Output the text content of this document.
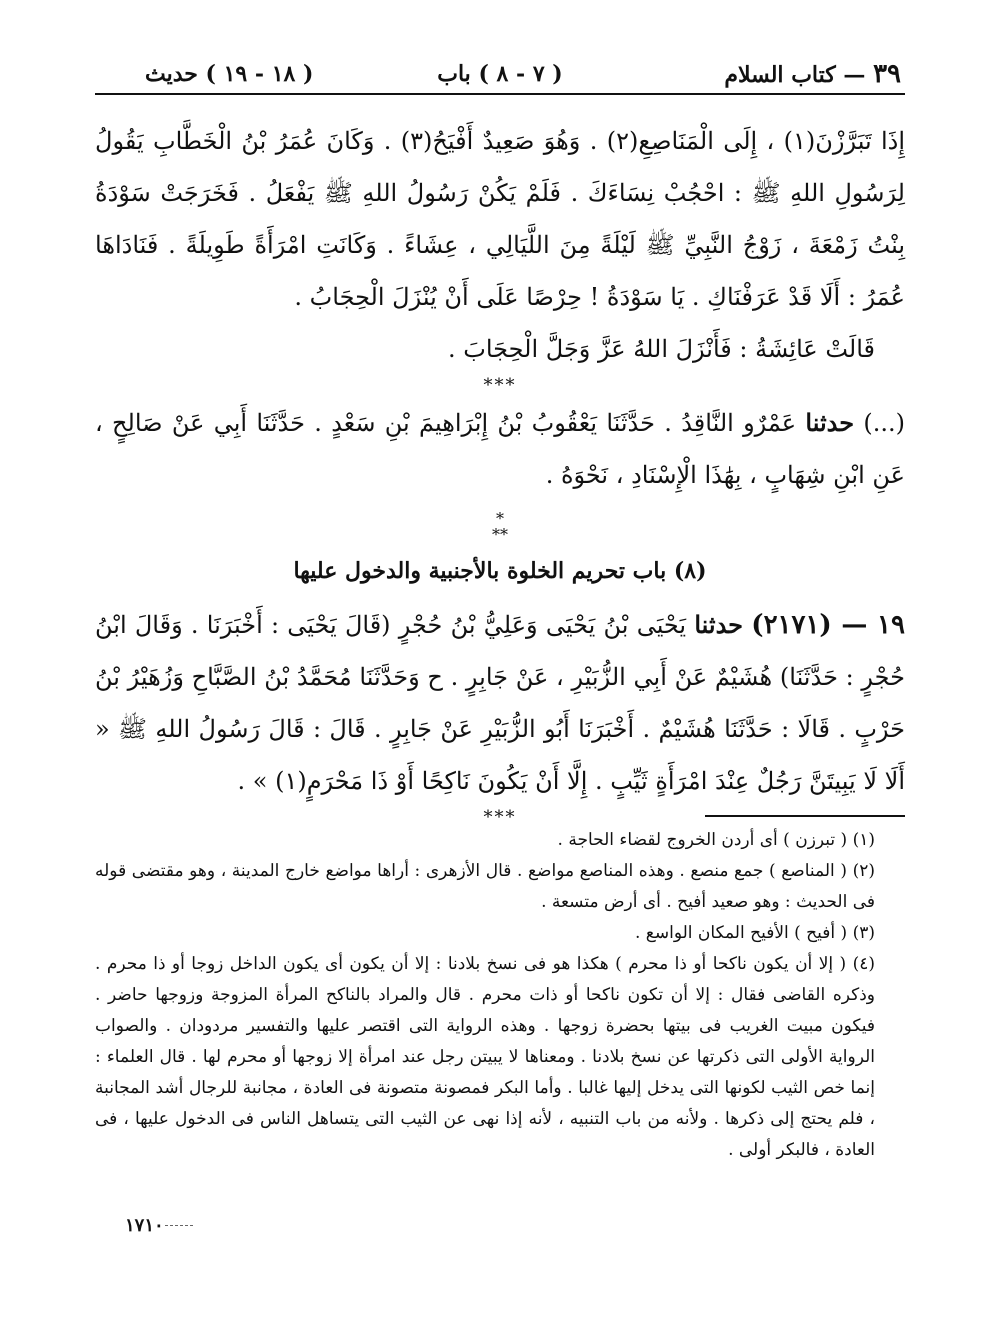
٣٩ — كتاب السلام
( ٧ - ٨ ) باب
( ١٨ - ١٩ ) حديث

إِذَا تَبَرَّزْنَ(١) ، إِلَى الْمَنَاصِعِ(٢) . وَهُوَ صَعِيدٌ أَفْيَحُ(٣) . وَكَانَ عُمَرُ بْنُ الْخَطَّابِ يَقُولُ لِرَسُولِ اللهِ ﷺ : احْجُبْ نِسَاءَكَ . فَلَمْ يَكُنْ رَسُولُ اللهِ ﷺ يَفْعَلُ . فَخَرَجَتْ سَوْدَةُ بِنْتُ زَمْعَةَ ، زَوْجُ النَّبِيِّ ﷺ لَيْلَةً مِنَ اللَّيَالِي ، عِشَاءً . وَكَانَتِ امْرَأَةً طَوِيلَةً . فَنَادَاهَا عُمَرُ : أَلَا قَدْ عَرَفْنَاكِ . يَا سَوْدَةُ ! حِرْصًا عَلَى أَنْ يُنْزَلَ الْحِجَابُ .

قَالَتْ عَائِشَةُ : فَأَنْزَلَ اللهُ عَزَّ وَجَلَّ الْحِجَابَ .

***

(...) حدثنا عَمْرٌو النَّاقِدُ . حَدَّثَنَا يَعْقُوبُ بْنُ إِبْرَاهِيمَ بْنِ سَعْدٍ . حَدَّثَنَا أَبِي عَنْ صَالِحٍ ، عَنِ ابْنِ شِهَابٍ ، بِهَٰذَا الْإِسْنَادِ ، نَحْوَهُ .

*
**
(٨) باب تحريم الخلوة بالأجنبية والدخول عليها

١٩ — (٢١٧١) حدثنا يَحْيَى بْنُ يَحْيَى وَعَلِيُّ بْنُ حُجْرٍ (قَالَ يَحْيَى : أَخْبَرَنَا . وَقَالَ ابْنُ حُجْرٍ : حَدَّثَنَا) هُشَيْمٌ عَنْ أَبِي الزُّبَيْرِ ، عَنْ جَابِرٍ . ح وَحَدَّثَنَا مُحَمَّدُ بْنُ الصَّبَّاحِ وَزُهَيْرُ بْنُ حَرْبٍ . قَالَا : حَدَّثَنَا هُشَيْمٌ . أَخْبَرَنَا أَبُو الزُّبَيْرِ عَنْ جَابِرٍ . قَالَ : قَالَ رَسُولُ اللهِ ﷺ « أَلَا لَا يَبِيتَنَّ رَجُلٌ عِنْدَ امْرَأَةٍ ثَيِّبٍ . إِلَّا أَنْ يَكُونَ نَاكِحًا أَوْ ذَا مَحْرَمٍ(١) » .

***

(١) ( تبرزن ) أى أردن الخروج لقضاء الحاجة .

(٢) ( المناصع ) جمع منصع . وهذه المناصع مواضع . قال الأزهرى : أراها مواضع خارج المدينة ، وهو مقتضى قوله فى الحديث : وهو صعيد أفيح . أى أرض متسعة .

(٣) ( أفيح ) الأفيح المكان الواسع .

(٤) ( إلا أن يكون ناكحا أو ذا محرم ) هكذا هو فى نسخ بلادنا : إلا أن يكون أى يكون الداخل زوجا أو ذا محرم . وذكره القاضى فقال : إلا أن تكون ناكحا أو ذات محرم . قال والمراد بالناكح المرأة المزوجة وزوجها حاضر . فيكون مبيت الغريب فى بيتها بحضرة زوجها . وهذه الرواية التى اقتصر عليها والتفسير مردودان . والصواب الرواية الأولى التى ذكرتها عن نسخ بلادنا . ومعناها لا يبيتن رجل عند امرأة إلا زوجها أو محرم لها . قال العلماء : إنما خص الثيب لكونها التى يدخل إليها غالبا . وأما البكر فمصونة متصونة فى العادة ، مجانبة للرجال أشد المجانبة ، فلم يحتج إلى ذكرها . ولأنه من باب التنبيه ، لأنه إذا نهى عن الثيب التى يتساهل الناس فى الدخول عليها ، فى العادة ، فالبكر أولى .

١٧١٠
